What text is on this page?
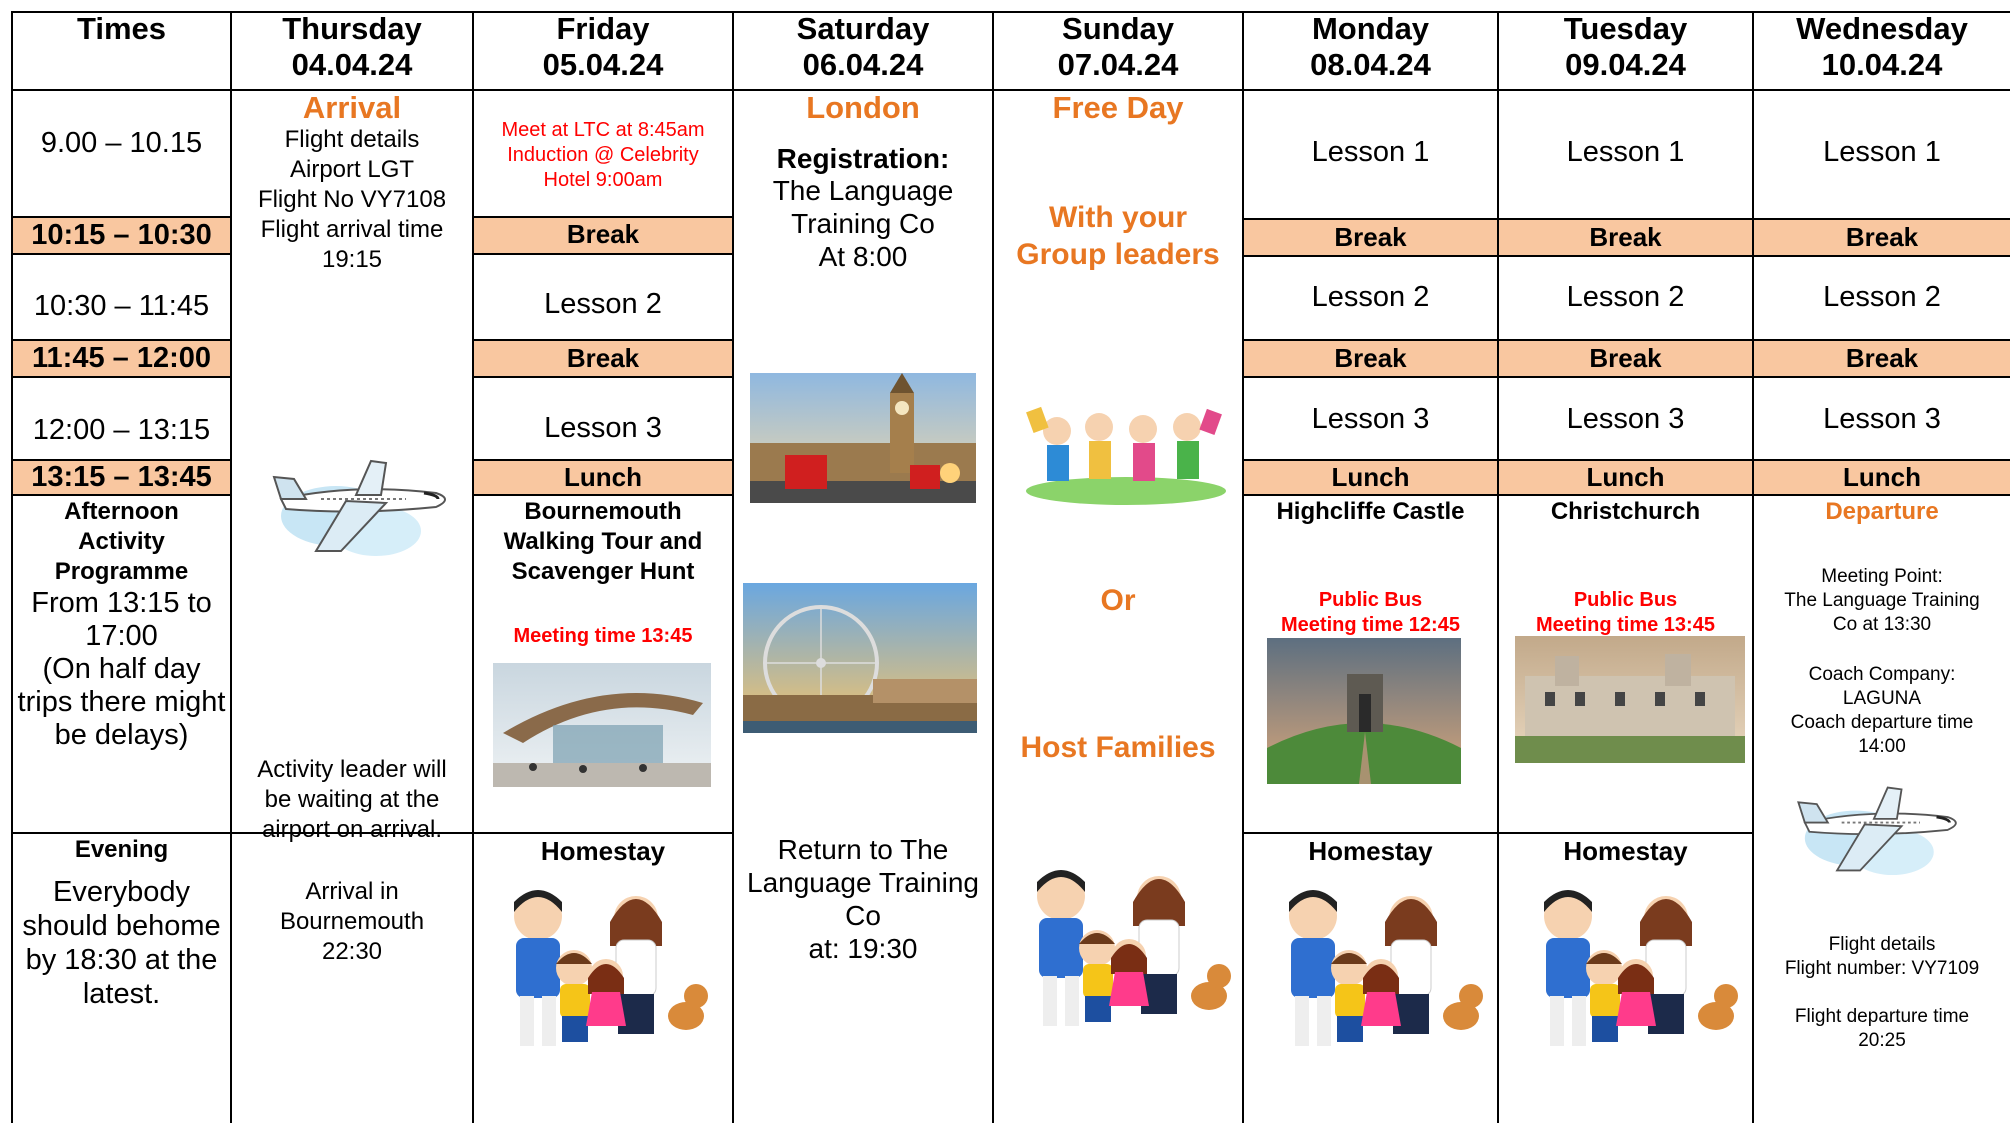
Times	Thursday
04.04.24
Friday
05.04.24
Saturday
06.04.24
Sunday
07.04.24
Monday
08.04.24
Tuesday
09.04.24
Wednesday
10.04.24
9.00 – 10.15
10:15 – 10:30
10:30 – 11:45
11:45 – 12:00
12:00 – 13:15
13:15 – 13:45
Afternoon
Activity
Programme
From 13:15 to
17:00
(On half day
trips there might
be delays)
Evening
Everybody
should behome
by 18:30 at the
latest.
Arrival
Flight details
Airport LGT
Flight No VY7108
Flight arrival time
19:15
Activity leader will
be waiting at the
airport on arrival.
Arrival in
Bournemouth
22:30
Meet at LTC at 8:45am
Induction @ Celebrity
Hotel 9:00am
Break
Lesson 2
Break
Lesson 3
Lunch
Bournemouth
Walking Tour and
Scavenger Hunt
Meeting time 13:45
Homestay
London
Registration:
The Language
Training Co
At 8:00
Return to The
Language Training
Co
at: 19:30
Free Day
With your
Group leaders
Or
Host Families
Lesson 1
Break
Lesson 2
Break
Lesson 3
Lunch
Highcliffe Castle
Public Bus
Meeting time 12:45
Homestay
Lesson 1
Break
Lesson 2
Break
Lesson 3
Lunch
Christchurch
Public Bus
Meeting time 13:45
Homestay
Lesson 1
Break
Lesson 2
Break
Lesson 3
Lunch
Departure
Meeting Point:
The Language Training
Co at 13:30
Coach Company:
LAGUNA
Coach departure time
14:00
Flight details
Flight number: VY7109
Flight departure time
20:25
